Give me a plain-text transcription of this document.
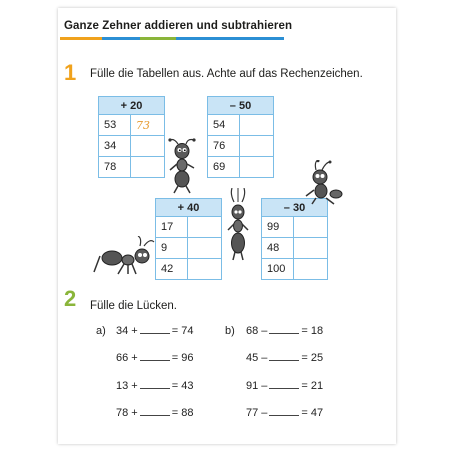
Ganze Zehner addieren und subtrahieren
1 Fülle die Tabellen aus. Achte auf das Rechenzeichen.
+ 20	
53	73
34	
78	
– 50	
54	
76	
69	
+ 40	
17	
9	
42	
– 30	
99	
48	
100	
2 Fülle die Lücken.
a)	b)
34 +	= 74
66 +	= 96
13 +	= 43
78 +	= 88
68 –	= 18
45 –	= 25
91 –	= 21
77 –	= 47
